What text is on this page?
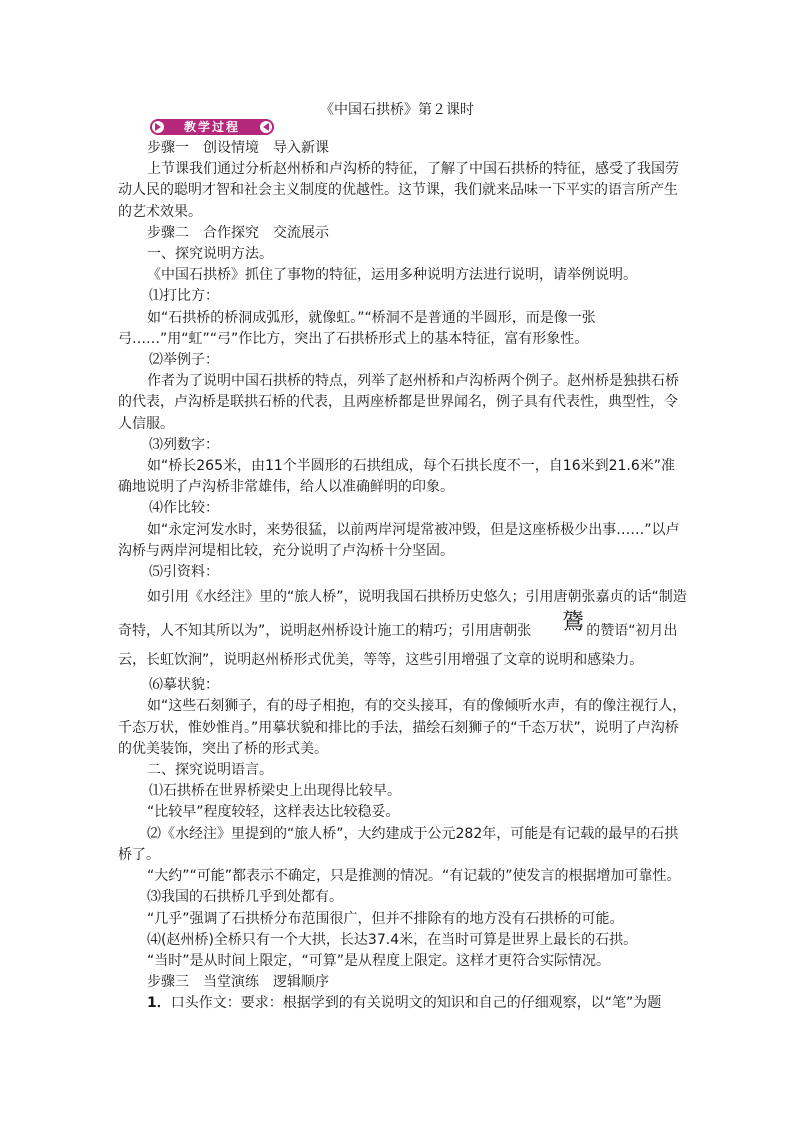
《中国石拱桥》第２课时
教学过程

步骤一　创设情境　导入新课

上节课我们通过分析赵州桥和卢沟桥的特征，了解了中国石拱桥的特征，感受了我国劳动人民的聪明才智和社会主义制度的优越性。这节课，我们就来品味一下平实的语言所产生的艺术效果。

步骤二　合作探究　交流展示

一、探究说明方法。

《中国石拱桥》抓住了事物的特征，运用多种说明方法进行说明，请举例说明。

⑴打比方：

如“石拱桥的桥洞成弧形，就像虹。”“桥洞不是普通的半圆形，而是像一张弓……”用“虹”“弓”作比方，突出了石拱桥形式上的基本特征，富有形象性。

⑵举例子：

作者为了说明中国石拱桥的特点，列举了赵州桥和卢沟桥两个例子。赵州桥是独拱石桥的代表，卢沟桥是联拱石桥的代表，且两座桥都是世界闻名，例子具有代表性，典型性，令人信服。

⑶列数字：

如“桥长265米，由11个半圆形的石拱组成，每个石拱长度不一，自16米到21.6米”准确地说明了卢沟桥非常雄伟，给人以准确鲜明的印象。

⑷作比较：

如“永定河发水时，来势很猛，以前两岸河堤常被冲毁，但是这座桥极少出事……”以卢沟桥与两岸河堤相比较，充分说明了卢沟桥十分坚固。

⑸引资料：

如引用《水经注》里的“旅人桥”，说明我国石拱桥历史悠久；引用唐朝张嘉贞的话“制造奇特，人不知其所以为”，说明赵州桥设计施工的精巧；引用唐朝张 鷟 的赞语“初月出云，长虹饮涧”，说明赵州桥形式优美，等等，这些引用增强了文章的说明和感染力。

⑹摹状貌：

如“这些石刻狮子，有的母子相抱，有的交头接耳，有的像倾听水声，有的像注视行人，千态万状，惟妙惟肖。”用摹状貌和排比的手法，描绘石刻狮子的“千态万状”，说明了卢沟桥的优美装饰，突出了桥的形式美。

二、探究说明语言。

⑴石拱桥在世界桥梁史上出现得比较早。

“比较早”程度较轻，这样表达比较稳妥。

⑵《水经注》里提到的“旅人桥”，大约建成于公元282年，可能是有记载的最早的石拱桥了。

“大约”“可能”都表示不确定，只是推测的情况。“有记载的”使发言的根据增加可靠性。

⑶我国的石拱桥几乎到处都有。

“几乎”强调了石拱桥分布范围很广，但并不排除有的地方没有石拱桥的可能。

⑷(赵州桥)全桥只有一个大拱，长达37.4米，在当时可算是世界上最长的石拱。

“当时”是从时间上限定，“可算”是从程度上限定。这样才更符合实际情况。

步骤三　当堂演练　逻辑顺序

1．口头作文：要求：根据学到的有关说明文的知识和自己的仔细观察，以“笔”为题
